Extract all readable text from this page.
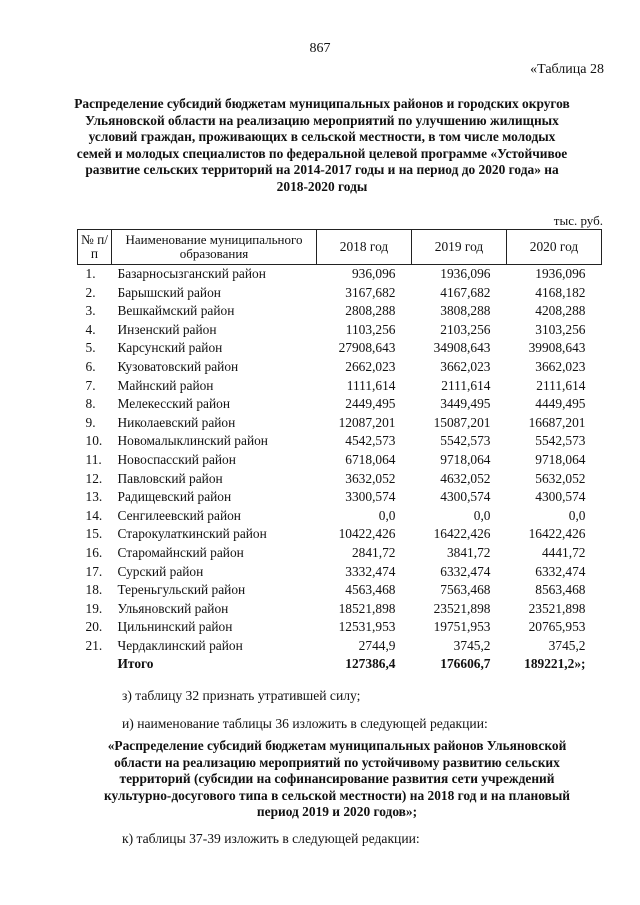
867
«Таблица 28
Распределение субсидий бюджетам муниципальных районов и городских округов Ульяновской области на реализацию мероприятий по улучшению жилищных условий граждан, проживающих в сельской местности, в том числе молодых семей и молодых специалистов по федеральной целевой программе «Устойчивое развитие сельских территорий на 2014-2017 годы и на период до 2020 года» на 2018-2020 годы
тыс. руб.
№ п/п	Наименование муниципального образования	2018 год	2019 год	2020 год
1.	Базарносызганский район	936,096	1936,096	1936,096
2.	Барышский район	3167,682	4167,682	4168,182
3.	Вешкаймский район	2808,288	3808,288	4208,288
4.	Инзенский район	1103,256	2103,256	3103,256
5.	Карсунский район	27908,643	34908,643	39908,643
6.	Кузоватовский район	2662,023	3662,023	3662,023
7.	Майнский район	1111,614	2111,614	2111,614
8.	Мелекесский район	2449,495	3449,495	4449,495
9.	Николаевский район	12087,201	15087,201	16687,201
10.	Новомалыклинский район	4542,573	5542,573	5542,573
11.	Новоспасский район	6718,064	9718,064	9718,064
12.	Павловский район	3632,052	4632,052	5632,052
13.	Радищевский район	3300,574	4300,574	4300,574
14.	Сенгилеевский район	0,0	0,0	0,0
15.	Старокулаткинский район	10422,426	16422,426	16422,426
16.	Старомайнский район	2841,72	3841,72	4441,72
17.	Сурский район	3332,474	6332,474	6332,474
18.	Тереньгульский район	4563,468	7563,468	8563,468
19.	Ульяновский район	18521,898	23521,898	23521,898
20.	Цильнинский район	12531,953	19751,953	20765,953
21.	Чердаклинский район	2744,9	3745,2	3745,2
	Итого	127386,4	176606,7	189221,2»;
з) таблицу 32 признать утратившей силу;
и) наименование таблицы 36 изложить в следующей редакции:
«Распределение субсидий бюджетам муниципальных районов Ульяновской области на реализацию мероприятий по устойчивому развитию сельских территорий (субсидии на софинансирование развития сети учреждений культурно-досугового типа в сельской местности) на 2018 год и на плановый период 2019 и 2020 годов»;
к) таблицы 37-39 изложить в следующей редакции:
